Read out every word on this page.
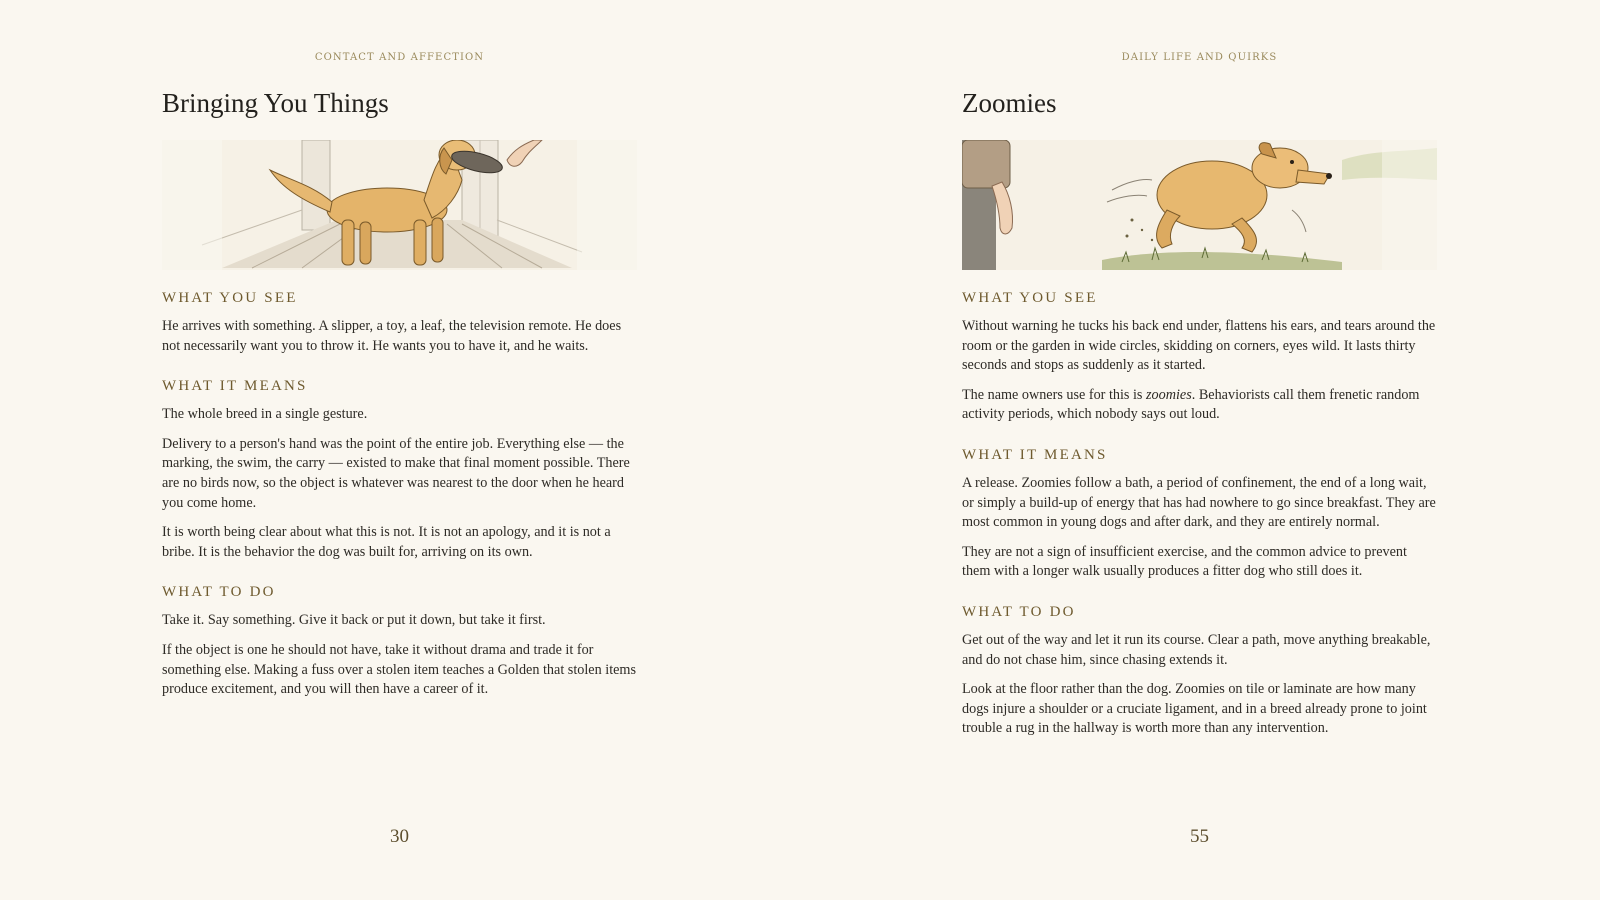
CONTACT AND AFFECTION
Bringing You Things
WHAT YOU SEE

He arrives with something. A slipper, a toy, a leaf, the television remote. He does not necessarily want you to throw it. He wants you to have it, and he waits.

WHAT IT MEANS

The whole breed in a single gesture.

Delivery to a person's hand was the point of the entire job. Everything else — the marking, the swim, the carry — existed to make that final moment possible. There are no birds now, so the object is whatever was nearest to the door when he heard you come home.

It is worth being clear about what this is not. It is not an apology, and it is not a bribe. It is the behavior the dog was built for, arriving on its own.

WHAT TO DO

Take it. Say something. Give it back or put it down, but take it first.

If the object is one he should not have, take it without drama and trade it for something else. Making a fuss over a stolen item teaches a Golden that stolen items produce excitement, and you will then have a career of it.

30
DAILY LIFE AND QUIRKS
Zoomies
WHAT YOU SEE

Without warning he tucks his back end under, flattens his ears, and tears around the room or the garden in wide circles, skidding on corners, eyes wild. It lasts thirty seconds and stops as suddenly as it started.

The name owners use for this is zoomies. Behaviorists call them frenetic random activity periods, which nobody says out loud.

WHAT IT MEANS

A release. Zoomies follow a bath, a period of confinement, the end of a long wait, or simply a build-up of energy that has had nowhere to go since breakfast. They are most common in young dogs and after dark, and they are entirely normal.

They are not a sign of insufficient exercise, and the common advice to prevent them with a longer walk usually produces a fitter dog who still does it.

WHAT TO DO

Get out of the way and let it run its course. Clear a path, move anything breakable, and do not chase him, since chasing extends it.

Look at the floor rather than the dog. Zoomies on tile or laminate are how many dogs injure a shoulder or a cruciate ligament, and in a breed already prone to joint trouble a rug in the hallway is worth more than any intervention.

55
